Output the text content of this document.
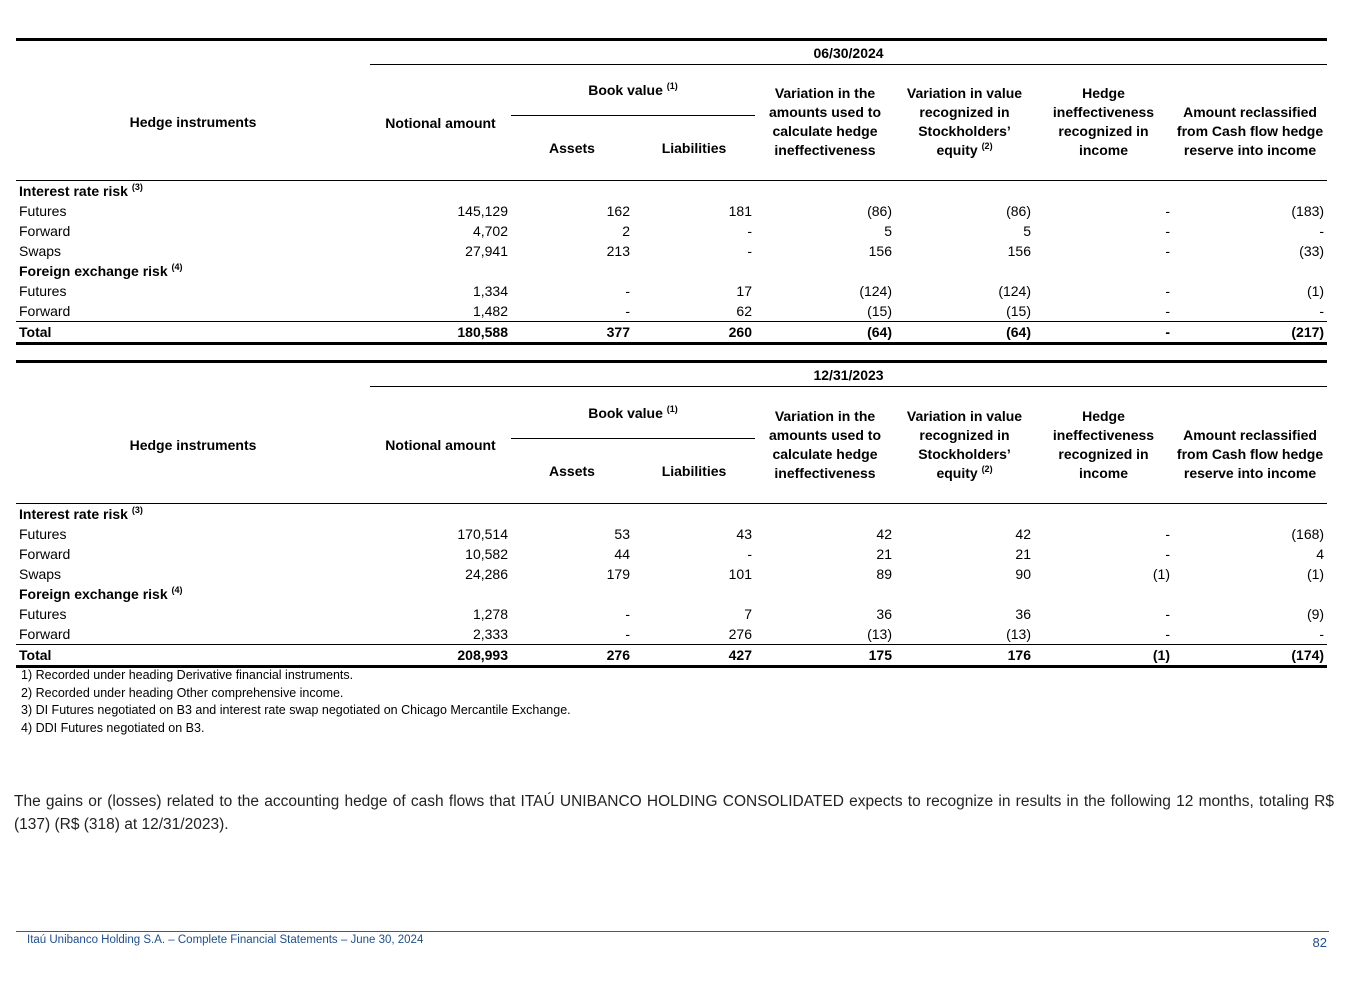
	06/30/2024						
Hedge instruments	Notional amount	Book value $^{(1)}$		Variation in the amounts used to calculate hedge ineffectiveness	Variation in value recognized in Stockholders’ equity $^{(2)}$	Hedge ineffectiveness recognized in income	Amount reclassified from Cash flow hedge reserve into income
		Assets	Liabilities				
Interest rate risk $^{(3)}$
Futures	145,129	162	181	(86)	(86)	-	(183)
Forward	4,702	2	-	5	5	-	-
Swaps	27,941	213	-	156	156	-	(33)
Foreign exchange risk $^{(4)}$
Futures	1,334	-	17	(124)	(124)	-	(1)
Forward	1,482	-	62	(15)	(15)	-	-
Total	180,588	377	260	(64)	(64)	-	(217)
	12/31/2023						
Hedge instruments	Notional amount	Book value $^{(1)}$		Variation in the amounts used to calculate hedge ineffectiveness	Variation in value recognized in Stockholders’ equity $^{(2)}$	Hedge ineffectiveness recognized in income	Amount reclassified from Cash flow hedge reserve into income
		Assets	Liabilities				
Interest rate risk $^{(3)}$
Futures	170,514	53	43	42	42	-	(168)
Forward	10,582	44	-	21	21	-	4
Swaps	24,286	179	101	89	90	(1)	(1)
Foreign exchange risk $^{(4)}$
Futures	1,278	-	7	36	36	-	(9)
Forward	2,333	-	276	(13)	(13)	-	-
Total	208,993	276	427	175	176	(1)	(174)
1) Recorded under heading Derivative financial instruments.
2) Recorded under heading Other comprehensive income.
3) DI Futures negotiated on B3 and interest rate swap negotiated on Chicago Mercantile Exchange.
4) DDI Futures negotiated on B3.
The gains or (losses) related to the accounting hedge of cash flows that ITAÚ UNIBANCO HOLDING CONSOLIDATED expects to recognize in results in the following 12 months, totaling R$ (137) (R$ (318) at 12/31/2023).
Itaú Unibanco Holding S.A. – Complete Financial Statements – June 30, 2024	82
